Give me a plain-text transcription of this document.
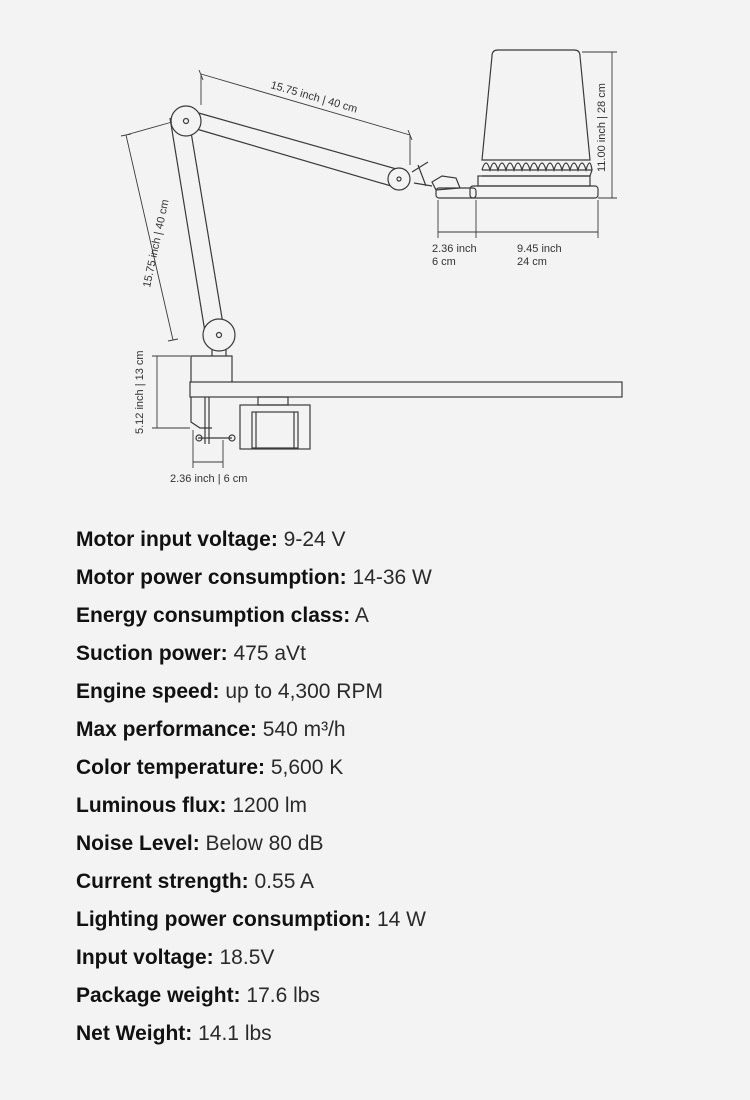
15.75 inch | 40 cm
15.75 inch | 40 cm
11.00 inch | 28 cm
2.36 inch
6 cm
9.45 inch
24 cm
5.12 inch | 13 cm
2.36 inch | 6 cm
Motor input voltage: 9-24 V
Motor power consumption: 14-36 W
Energy consumption class: A
Suction power: 475 aVt
Engine speed: up to 4,300 RPM
Max performance: 540 m³/h
Color temperature: 5,600 K
Luminous flux: 1200 lm
Noise Level: Below 80 dB
Current strength: 0.55 A
Lighting power consumption: 14 W
Input voltage: 18.5V
Package weight: 17.6 lbs
Net Weight: 14.1 lbs
